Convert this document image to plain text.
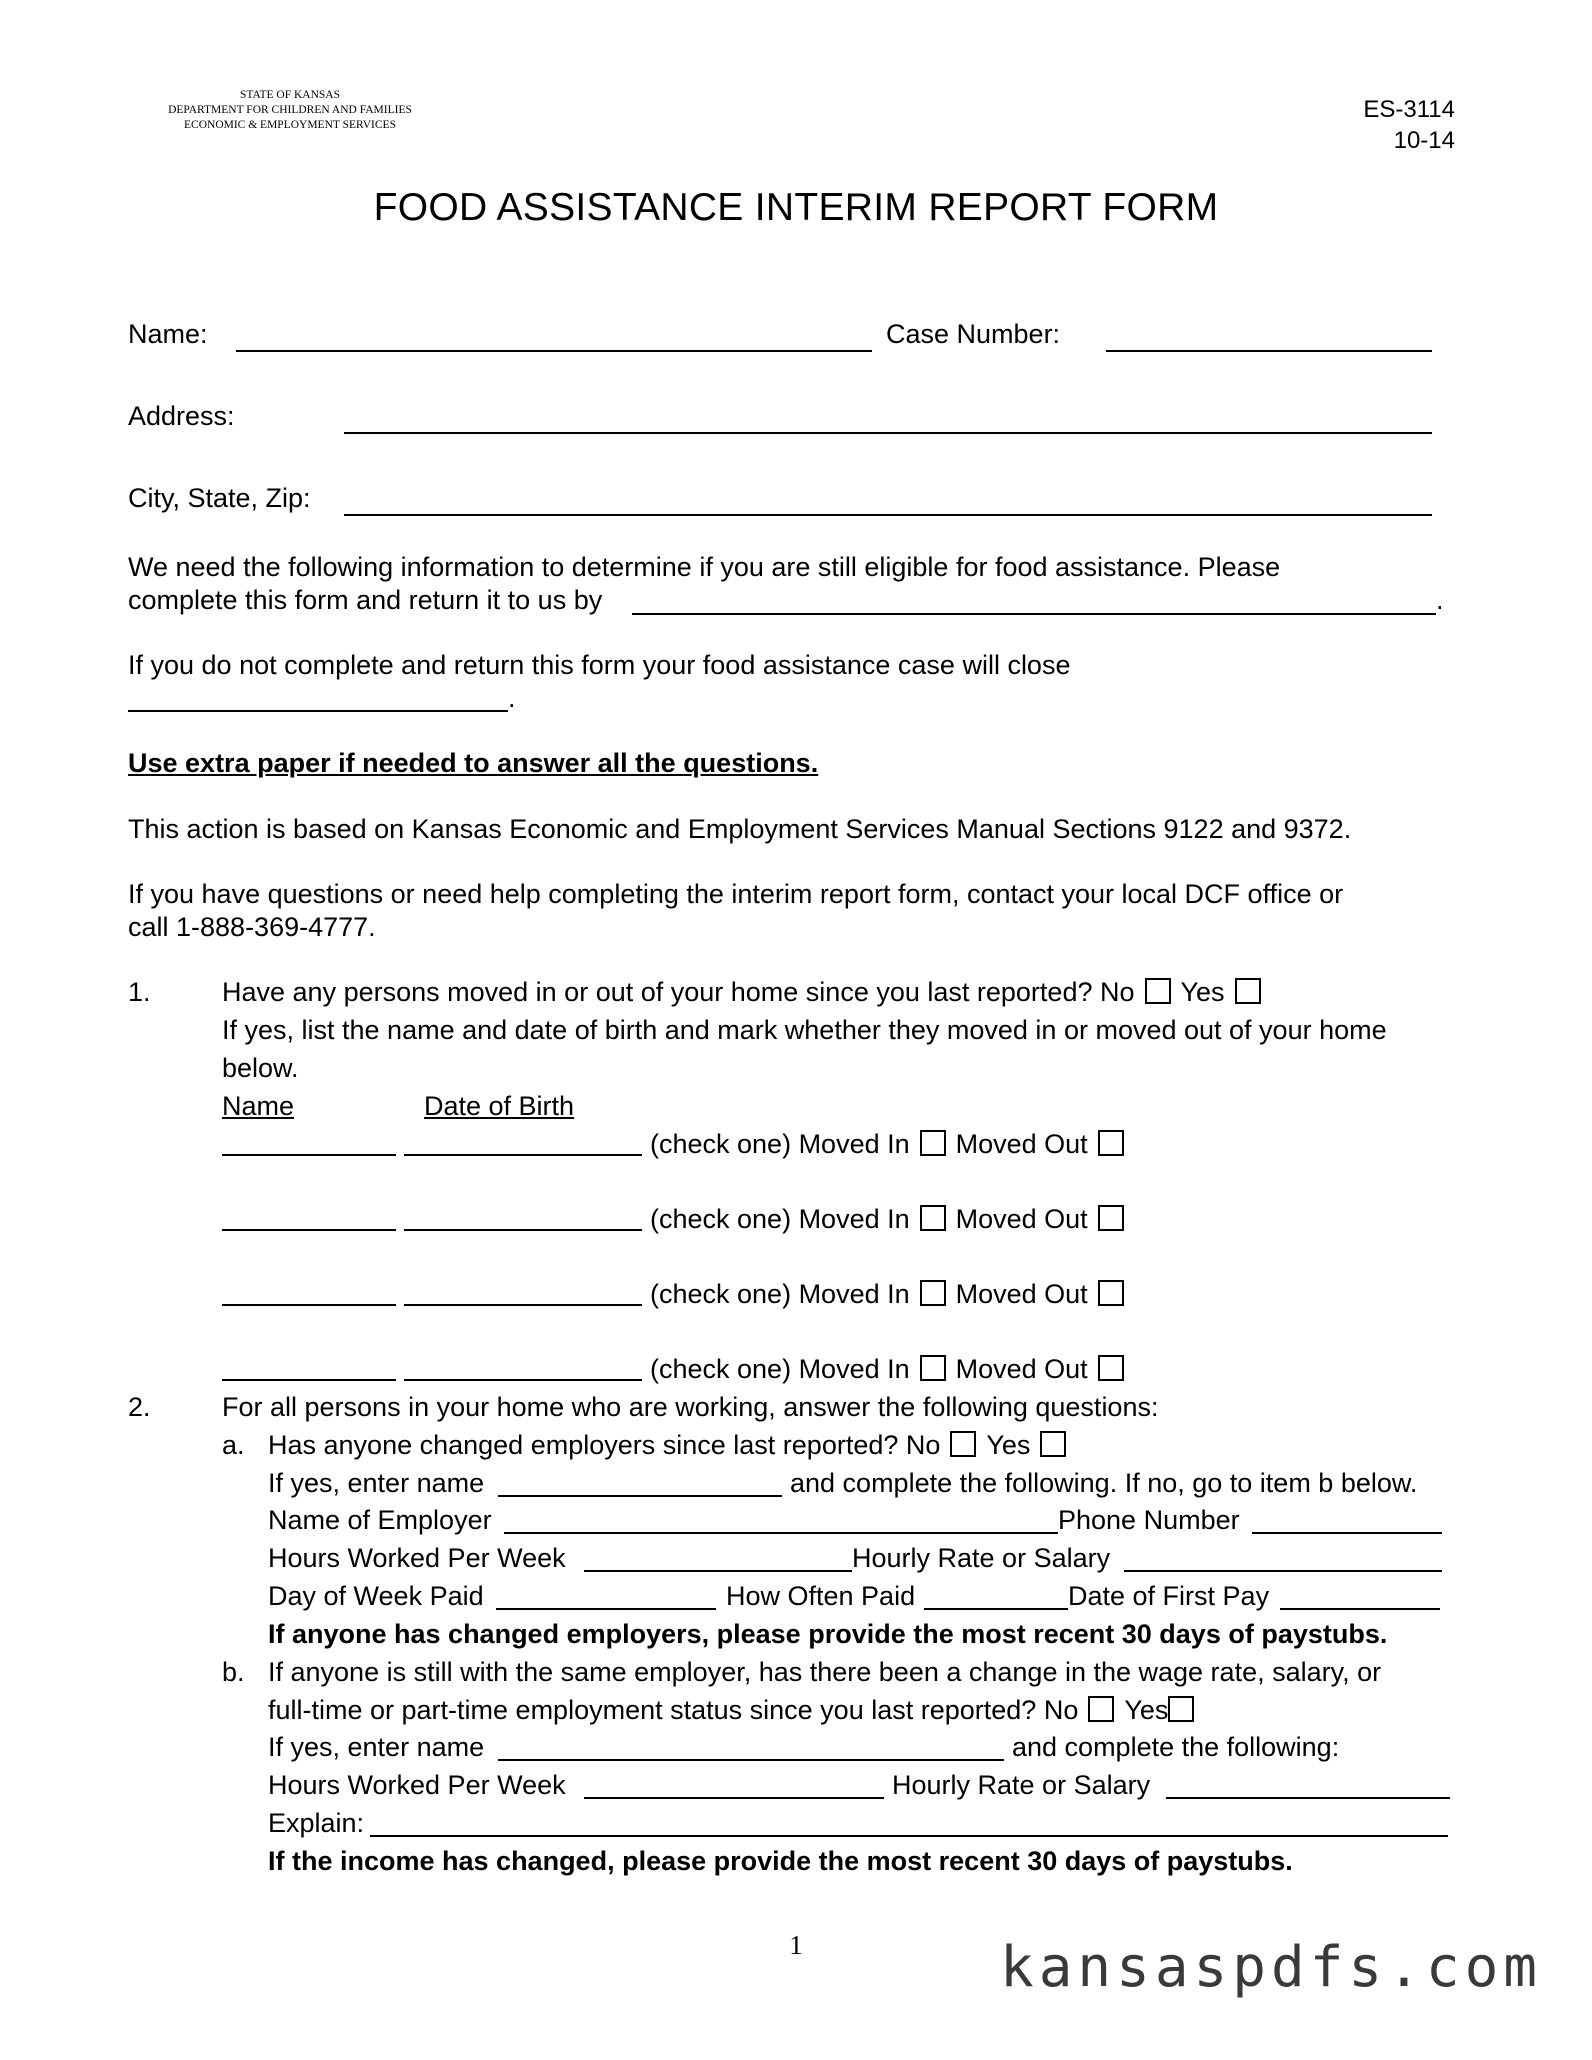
STATE OF KANSAS
DEPARTMENT FOR CHILDREN AND FAMILIES
ECONOMIC & EMPLOYMENT SERVICES
ES-3114
10-14
FOOD ASSISTANCE INTERIM REPORT FORM
Name:	Case Number:
Address:
City, State, Zip:
We need the following information to determine if you are still eligible for food assistance. Please
complete this form and return it to us by	.
If you do not complete and return this form your food assistance case will close
.
Use extra paper if needed to answer all the questions.
This action is based on Kansas Economic and Employment Services Manual Sections 9122 and 9372.
If you have questions or need help completing the interim report form, contact your local DCF office or
call 1-888-369-4777.
1.	Have any persons moved in or out of your home since you last reported? No Yes
If yes, list the name and date of birth and mark whether they moved in or moved out of your home
below.
Name	Date of Birth
(check one) Moved In Moved Out
(check one) Moved In Moved Out
(check one) Moved In Moved Out
(check one) Moved In Moved Out
2.	For all persons in your home who are working, answer the following questions:
a. Has anyone changed employers since last reported? No Yes
If yes, enter name	and complete the following. If no, go to item b below.
Name of Employer	Phone Number
Hours Worked Per Week	Hourly Rate or Salary
Day of Week Paid	How Often Paid	Date of First Pay
If anyone has changed employers, please provide the most recent 30 days of paystubs.
b. If anyone is still with the same employer, has there been a change in the wage rate, salary, or
full-time or part-time employment status since you last reported? No Yes
If yes, enter name	and complete the following:
Hours Worked Per Week	Hourly Rate or Salary
Explain:
If the income has changed, please provide the most recent 30 days of paystubs.
1	kansaspdfs.com
